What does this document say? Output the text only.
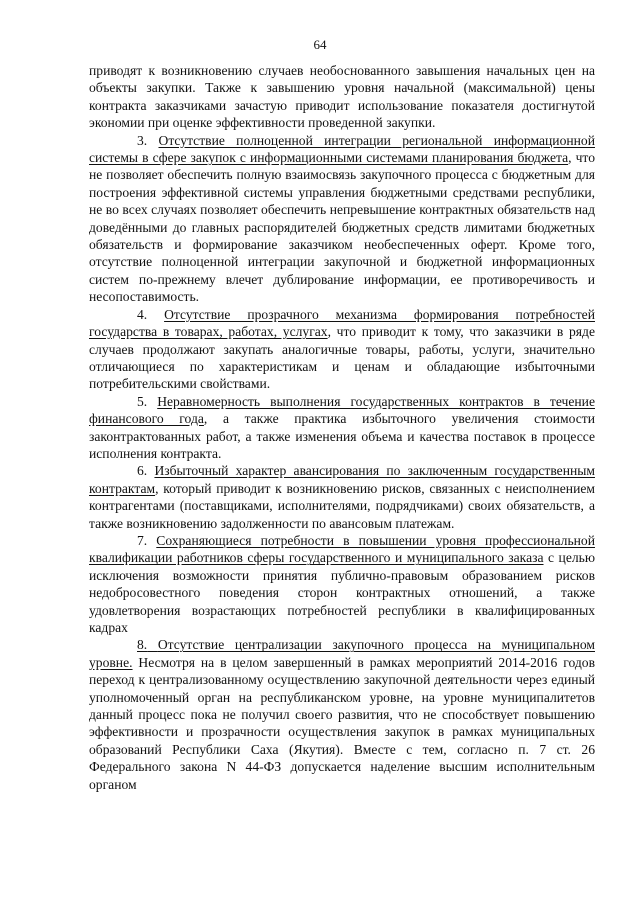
64

приводят к возникновению случаев необоснованного завышения начальных цен на объекты закупки. Также к завышению уровня начальной (максимальной) цены контракта заказчиками зачастую приводит использование показателя достигнутой экономии при оценке эффективности проведенной закупки.

3. Отсутствие полноценной интеграции региональной информационной системы в сфере закупок с информационными системами планирования бюджета, что не позволяет обеспечить полную взаимосвязь закупочного процесса с бюджетным для построения эффективной системы управления бюджетными средствами республики, не во всех случаях позволяет обеспечить непревышение контрактных обязательств над доведёнными до главных распорядителей бюджетных средств лимитами бюджетных обязательств и формирование заказчиком необеспеченных оферт. Кроме того, отсутствие полноценной интеграции закупочной и бюджетной информационных систем по-прежнему влечет дублирование информации, ее противоречивость и несопоставимость.

4. Отсутствие прозрачного механизма формирования потребностей государства в товарах, работах, услугах, что приводит к тому, что заказчики в ряде случаев продолжают закупать аналогичные товары, работы, услуги, значительно отличающиеся по характеристикам и ценам и обладающие избыточными потребительскими свойствами.

5. Неравномерность выполнения государственных контрактов в течение финансового года, а также практика избыточного увеличения стоимости законтрактованных работ, а также изменения объема и качества поставок в процессе исполнения контракта.

6. Избыточный характер авансирования по заключенным государственным контрактам, который приводит к возникновению рисков, связанных с неисполнением контрагентами (поставщиками, исполнителями, подрядчиками) своих обязательств, а также возникновению задолженности по авансовым платежам.

7. Сохраняющиеся потребности в повышении уровня профессиональной квалификации работников сферы государственного и муниципального заказа с целью исключения возможности принятия публично-правовым образованием рисков недобросовестного поведения сторон контрактных отношений, а также удовлетворения возрастающих потребностей республики в квалифицированных кадрах

8. Отсутствие централизации закупочного процесса на муниципальном уровне. Несмотря на в целом завершенный в рамках мероприятий 2014-2016 годов переход к централизованному осуществлению закупочной деятельности через единый уполномоченный орган на республиканском уровне, на уровне муниципалитетов данный процесс пока не получил своего развития, что не способствует повышению эффективности и прозрачности осуществления закупок в рамках муниципальных образований Республики Саха (Якутия). Вместе с тем, согласно п. 7 ст. 26 Федерального закона N 44-ФЗ допускается наделение высшим исполнительным органом
